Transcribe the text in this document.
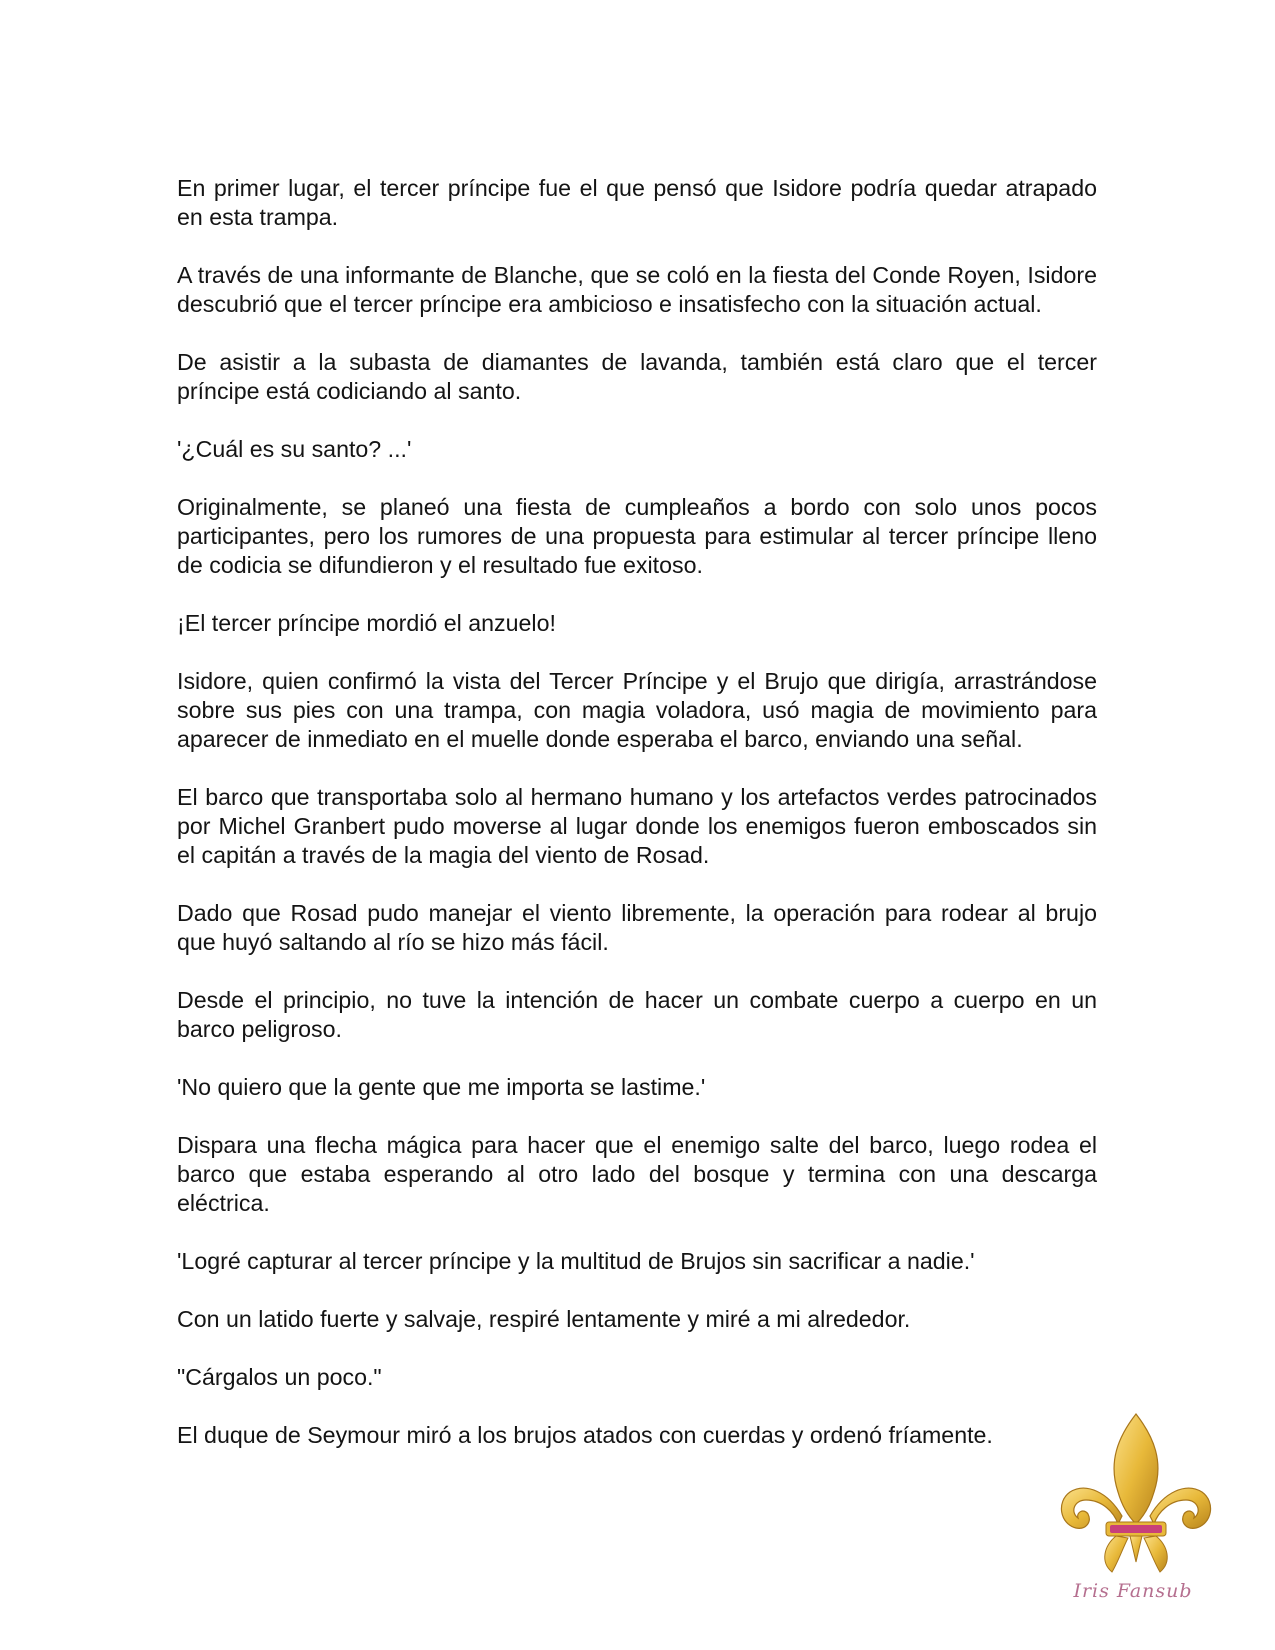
En primer lugar, el tercer príncipe fue el que pensó que Isidore podría quedar atrapado en esta trampa.

A través de una informante de Blanche, que se coló en la fiesta del Conde Royen, Isidore descubrió que el tercer príncipe era ambicioso e insatisfecho con la situación actual.

De asistir a la subasta de diamantes de lavanda, también está claro que el tercer príncipe está codiciando al santo.

'¿Cuál es su santo? ...'

Originalmente, se planeó una fiesta de cumpleaños a bordo con solo unos pocos participantes, pero los rumores de una propuesta para estimular al tercer príncipe lleno de codicia se difundieron y el resultado fue exitoso.

¡El tercer príncipe mordió el anzuelo!

Isidore, quien confirmó la vista del Tercer Príncipe y el Brujo que dirigía, arrastrándose sobre sus pies con una trampa, con magia voladora, usó magia de movimiento para aparecer de inmediato en el muelle donde esperaba el barco, enviando una señal.

El barco que transportaba solo al hermano humano y los artefactos verdes patrocinados por Michel Granbert pudo moverse al lugar donde los enemigos fueron emboscados sin el capitán a través de la magia del viento de Rosad.

Dado que Rosad pudo manejar el viento libremente, la operación para rodear al brujo que huyó saltando al río se hizo más fácil.

Desde el principio, no tuve la intención de hacer un combate cuerpo a cuerpo en un barco peligroso.

'No quiero que la gente que me importa se lastime.'

Dispara una flecha mágica para hacer que el enemigo salte del barco, luego rodea el barco que estaba esperando al otro lado del bosque y termina con una descarga eléctrica.

'Logré capturar al tercer príncipe y la multitud de Brujos sin sacrificar a nadie.'

Con un latido fuerte y salvaje, respiré lentamente y miré a mi alrededor.

"Cárgalos un poco."

El duque de Seymour miró a los brujos atados con cuerdas y ordenó fríamente.

Iris Fansub
